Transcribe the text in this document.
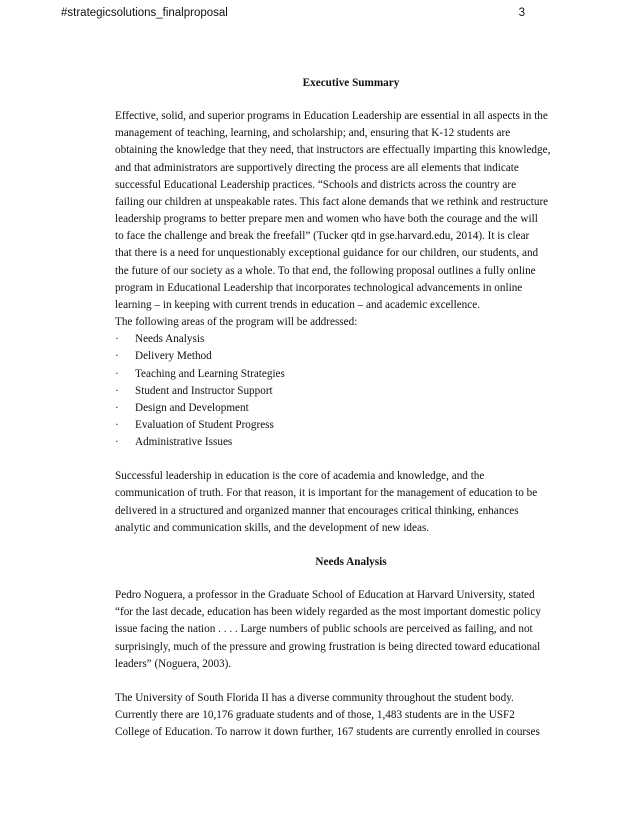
#strategicsolutions_finalproposal	3
Executive Summary

Effective, solid, and superior programs in Education Leadership are essential in all aspects in the
management of teaching, learning, and scholarship; and, ensuring that K-12 students are
obtaining the knowledge that they need, that instructors are effectually imparting this knowledge,
and that administrators are supportively directing the process are all elements that indicate
successful Educational Leadership practices. “Schools and districts across the country are
failing our children at unspeakable rates. This fact alone demands that we rethink and restructure
leadership programs to better prepare men and women who have both the courage and the will
to face the challenge and break the freefall” (Tucker qtd in gse.harvard.edu, 2014). It is clear
that there is a need for unquestionably exceptional guidance for our children, our students, and
the future of our society as a whole. To that end, the following proposal outlines a fully online
program in Educational Leadership that incorporates technological advancements in online
learning – in keeping with current trends in education – and academic excellence.

The following areas of the program will be addressed:

· Needs Analysis
· Delivery Method
· Teaching and Learning Strategies
· Student and Instructor Support
· Design and Development
· Evaluation of Student Progress
· Administrative Issues

Successful leadership in education is the core of academia and knowledge, and the
communication of truth. For that reason, it is important for the management of education to be
delivered in a structured and organized manner that encourages critical thinking, enhances
analytic and communication skills, and the development of new ideas.

Needs Analysis

Pedro Noguera, a professor in the Graduate School of Education at Harvard University, stated
“for the last decade, education has been widely regarded as the most important domestic policy
issue facing the nation . . . . Large numbers of public schools are perceived as failing, and not
surprisingly, much of the pressure and growing frustration is being directed toward educational
leaders” (Noguera, 2003).

The University of South Florida II has a diverse community throughout the student body.
Currently there are 10,176 graduate students and of those, 1,483 students are in the USF2
College of Education. To narrow it down further, 167 students are currently enrolled in courses
